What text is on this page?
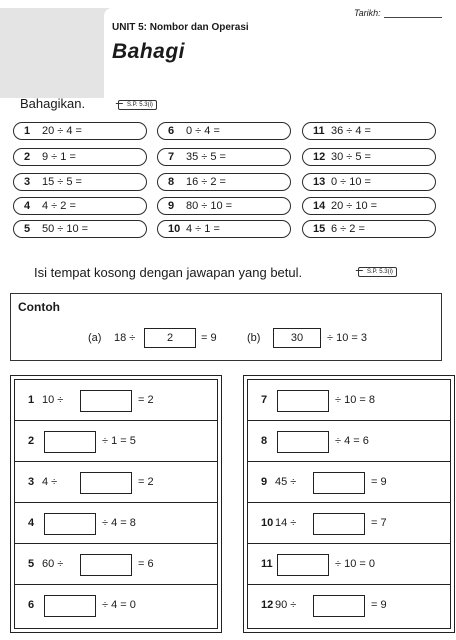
Tarikh:
UNIT 5: Nombor dan Operasi
Bahagi
Bahagikan.	S.P. 5.3(i)
1 20 ÷ 4 =
2 9 ÷ 1 =
3 15 ÷ 5 =
4 4 ÷ 2 =
5 50 ÷ 10 =
6 0 ÷ 4 =
7 35 ÷ 5 =
8 16 ÷ 2 =
9 80 ÷ 10 =
10 4 ÷ 1 =
11 36 ÷ 4 =
12 30 ÷ 5 =
13 0 ÷ 10 =
14 20 ÷ 10 =
15 6 ÷ 2 =
Isi tempat kosong dengan jawapan yang betul.	S.P. 5.3(i)
Contoh
(a) 18 ÷	2	= 9	(b)	30	÷ 10 = 3
1 10 ÷	= 2
2	÷ 1 = 5
3 4 ÷	= 2
4	÷ 4 = 8
5 60 ÷	= 6
6	÷ 4 = 0
7	÷ 10 = 8
8	÷ 4 = 6
9 45 ÷	= 9
10 14 ÷	= 7
11	÷ 10 = 0
12 90 ÷	= 9
